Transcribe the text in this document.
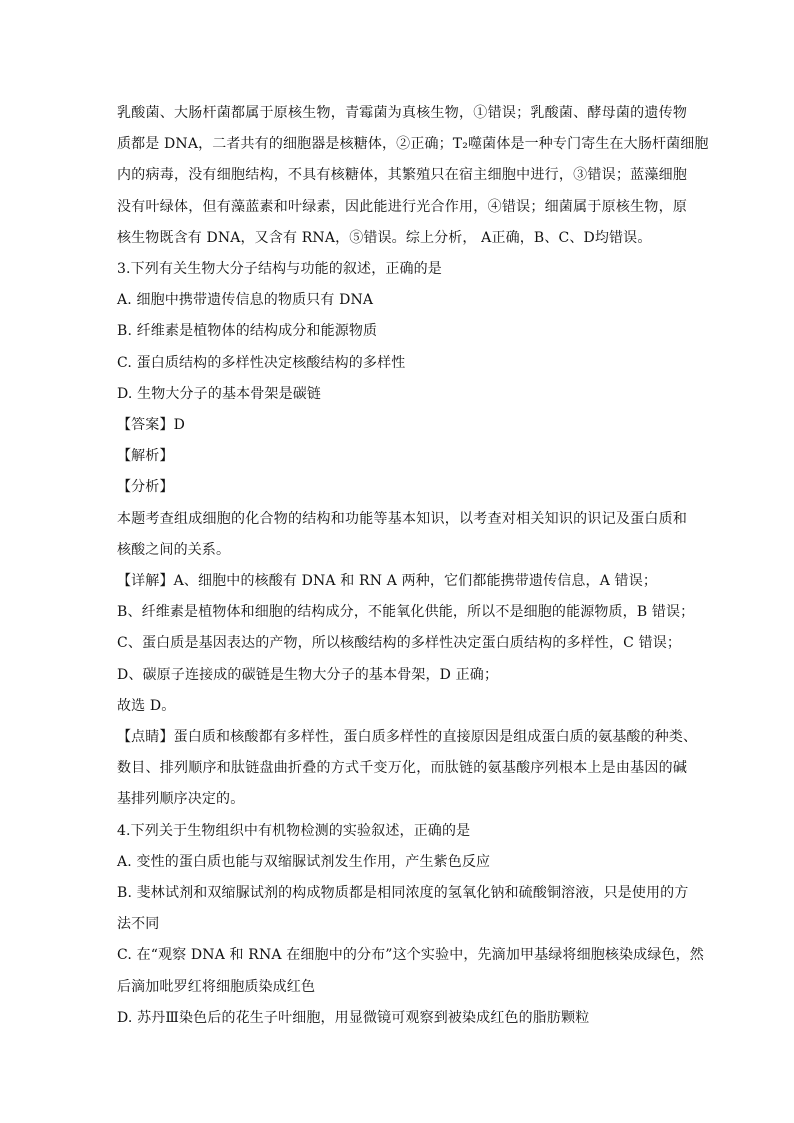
乳酸菌、大肠杆菌都属于原核生物，青霉菌为真核生物，①错误；乳酸菌、酵母菌的遗传物
质都是 DNA，二者共有的细胞器是核糖体，②正确；T₂噬菌体是一种专门寄生在大肠杆菌细胞
内的病毒，没有细胞结构，不具有核糖体，其繁殖只在宿主细胞中进行，③错误；蓝藻细胞
没有叶绿体，但有藻蓝素和叶绿素，因此能进行光合作用，④错误；细菌属于原核生物，原
核生物既含有 DNA，又含有 RNA，⑤错误。综上分析， A正确，B、C、D均错误。
3.下列有关生物大分子结构与功能的叙述，正确的是
A. 细胞中携带遗传信息的物质只有 DNA
B. 纤维素是植物体的结构成分和能源物质
C. 蛋白质结构的多样性决定核酸结构的多样性
D. 生物大分子的基本骨架是碳链
【答案】D
【解析】
【分析】
本题考查组成细胞的化合物的结构和功能等基本知识，以考查对相关知识的识记及蛋白质和
核酸之间的关系。
【详解】A、细胞中的核酸有 DNA 和 RN A 两种，它们都能携带遗传信息，A 错误；
B、纤维素是植物体和细胞的结构成分，不能氧化供能，所以不是细胞的能源物质，B 错误；
C、蛋白质是基因表达的产物，所以核酸结构的多样性决定蛋白质结构的多样性，C 错误；
D、碳原子连接成的碳链是生物大分子的基本骨架，D 正确；
故选 D。
【点睛】蛋白质和核酸都有多样性，蛋白质多样性的直接原因是组成蛋白质的氨基酸的种类、
数目、排列顺序和肽链盘曲折叠的方式千变万化，而肽链的氨基酸序列根本上是由基因的碱
基排列顺序决定的。
4.下列关于生物组织中有机物检测的实验叙述，正确的是
A. 变性的蛋白质也能与双缩脲试剂发生作用，产生紫色反应
B. 斐林试剂和双缩脲试剂的构成物质都是相同浓度的氢氧化钠和硫酸铜溶液，只是使用的方
法不同
C. 在“观察 DNA 和 RNA 在细胞中的分布”这个实验中，先滴加甲基绿将细胞核染成绿色，然
后滴加吡罗红将细胞质染成红色
D. 苏丹Ⅲ染色后的花生子叶细胞，用显微镜可观察到被染成红色的脂肪颗粒
